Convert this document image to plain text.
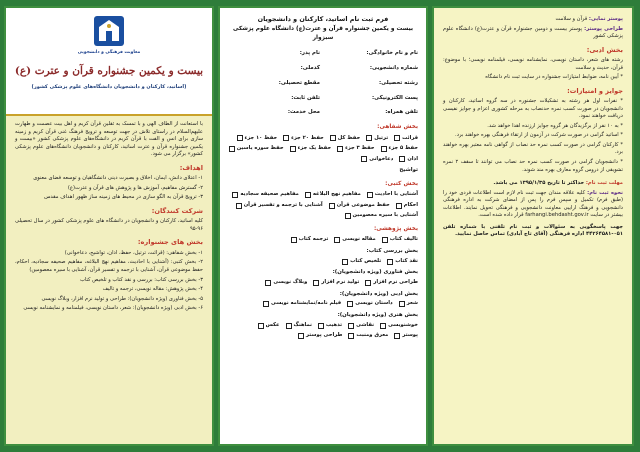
پوستر نمایی: قرآن و سلامت
طراحی پوستر: پوستر بیست و دومین جشنواره قرآن و عترت(ع) دانشگاه علوم پزشکی کشور
بخش ادبی:
رشته های شعر، داستان نویسی، نمایشنامه نویسی، فیلمنامه نویسی؛ با موضوع: قرآن، حدیث و سلامت
* آیین نامه، ضوابط امتیازات جشنواره در سایت ثبت نام دانشگاه
جوایز و امتیازات:
* نفرات اول هر رشته به تشکیلات جشنوره در سه گروه اساتید، کارکنان و دانشجویان در صورت کسب نمره حدنصاب به مرحله کشوری اعزام و جوایز نفیسی دریافت خواهند نمود.
* به ۱۰ نفر از برگزیدگان هر گروه جوایز ارزنده اهدا خواهد شد.
* اساتید گرامی در صورت شرکت در آزمون از ارتقاء فرهنگی بهره خواهند برد.
* کارکنان گرامی در صورت کسب نمره حد نصاب از گواهی نامه معتبر بهره خواهند برد.
* دانشجویان گرامی در صورت کسب نمره حد نصاب می توانند تا سقف ۲ نمره تشویقی از دروس گروه معارف بهره مند شوند.
مهلت ثبت نام: حداکثر تا تاریخ ۱۳۹۵/۱/۳۵ می باشد.
نحوه ثبت نام: کلیه علاقه مندان جهت ثبت نام لازم است اطلاعات فردی خود را (طبق فرم) تکمیل و سپس فرم را پس از امضای شرکت به اداره فرهنگی دانشجویی و فرهنگ اراییی معاونت دانشجویی و فرهنگی تحویل نمایند. اطلاعات بیشتر در سایت farhangi.behdasht.gov.ir قرار داده شده است.
جهت پاسخگویی به سئوالات و ثبت نام تلفنی با شماره تلفن ۰۵۱-۴۴۲۶۴۵۸۱ اداره فرهنگی (آقای تاج آبادی) تماس حاصل نمایید.
فرم ثبت نام اساتید، کارکنان و دانشجویان
بیست و یکمین جشنواره قرآن و عترت(ع) دانشگاه علوم پزشکی سبزوار
نام و نام خانوادگی:
نام پدر:
شماره دانشجویی:
کدملی:
رشته تحصیلی:
مقطع تحصیلی:
پست الکترونیکی:
تلفن ثابت:
تلفن همراه:
محل خدمت:
بخش شفاهی:
قرائت
ترتیل
حفظ کل
حفظ ۲۰ جزء
حفظ ۱۰ جزء
حفظ ۵ جزء
حفظ ۳ جزء
حفظ یک جزء
حفظ سوره یاسین
اذان
دعاخوانی
تواشیح
بخش کتبی:
آشنایی با احادیث
مفاهیم نهج البلاغه
مفاهیم صحیفه سجادیه
احکام
حفظ موضوعی قرآن
آشنایی با ترجمه و تفسیر قرآن
آشنایی با سیره معصومین
بخش پژوهشی:
تالیف کتاب
مقاله نویسی
ترجمه کتاب
بخش بررسی کتاب:
نقد کتاب
تلخیص کتاب
بخش فناوری (ویژه دانشجویان):
طراحی نرم افزار
تولید نرم افزار
وبلاگ نویسی
بخش ادبی (ویژه دانشجویان):
شعر
داستان نویسی
فیلم نامه/نمایشنامه نویسی
بخش هنری (ویژه دانشجویان):
خوشنویسی
نقاشی
تذهیب
نماهنگ
عکس
پوستر
معرق ومنبت
طراحی پوستر
معاونت فرهنگی و دانشجویی
بیست و یکمین جشنواره قرآن و عترت (ع)
(اساتید، کارکنان و دانشجویان دانشگاه‌های علوم پزشکی کشور)
با استعانت از الطاف الهی و با تمسک به ثقلین قرآن کریم و اهل بیت عصمت و طهارت علیهم‌السلام در راستای تلاش در جهت توسعه و ترویج فرهنگ غنی قرآن کریم و زمینه سازی برای انس و الفت با قرآن کریم در دانشگاه‌های علوم پزشکی کشور «بیست و یکمین جشنواره قرآن و عترت اساتید، کارکنان و دانشجویان دانشگاه‌های علوم پزشکی کشور» برگزار می شود.
اهداف:
۱- اعتلای دانش، ایمان، اخلاق و بصیرت دینی دانشگاهیان و توسعه فضای معنوی
۲- گسترش مفاهیم، آموزش ها و پژوهش های قرآن و عترت(ع)
۳- ترویج قرآن به الگو سازی در محیط های زمینه ساز ظهور اهداف مقدس
شرکت کنندگان:
کلیه اساتید، کارکنان و دانشجویان در دانشگاه های علوم پزشکی کشور در سال تحصیلی ۹۶-۹۵
بخش های جشنواره:
۱- بخش شفاهی: (قرائت، ترتیل، حفظ، اذان، تواشیح، دعاخوانی)
۲- بخش کتبی: (آشنایی با احادیث، مفاهیم نهج البلاغه، مفاهیم صحیفه سجادیه، احکام، حفظ موضوعی قرآن، آشنایی با ترجمه و تفسیر قرآن، آشنایی با سیره معصومین)
۳- بخش بررسی کتاب: بررسی و نقد کتاب و تلخیص کتاب
۴- بخش پژوهش: مقاله نویسی، ترجمه و تالیف
۵- بخش فناوری (ویژه دانشجویان): طراحی و تولید نرم افزار، وبلاگ نویسی
۶- بخش ادبی (ویژه دانشجویان): شعر، داستان نویسی، فیلمنامه و نمایشنامه نویسی
